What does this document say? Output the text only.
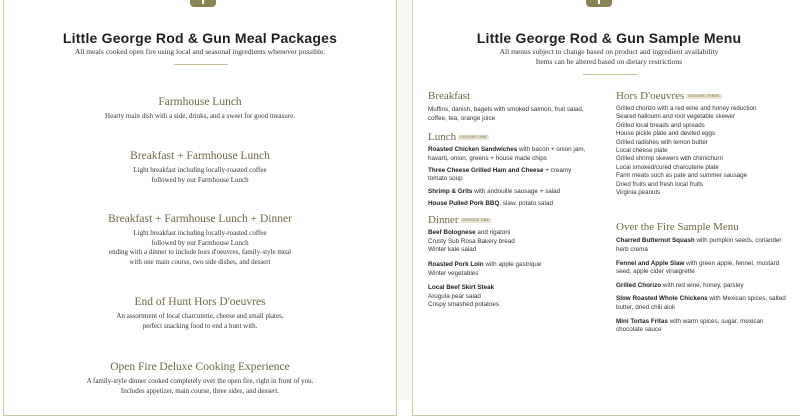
Little George Rod & Gun Meal Packages
All meals cooked open fire using local and seasonal ingredients whenever possible.
Farmhouse Lunch
Hearty main dish with a side, drinks, and a sweet for good measure.
Breakfast + Farmhouse Lunch
Light breakfast including locally-roasted coffee
followed by our Farmhouse Lunch
Breakfast + Farmhouse Lunch + Dinner
Light breakfast including locally-roasted coffee
followed by our Farmhouse Lunch
ending with a dinner to include hors d'oeuvres, family-style meal
with one main course, two side dishes, and dessert
End of Hunt Hors D'oeuvres
An assortment of local charcuterie, cheese and small plates,
perfect snacking food to end a hunt with.
Open Fire Deluxe Cooking Experience
A family-style dinner cooked completely over the open fire, right in front of you.
Includes appetizer, main course, three sides, and dessert.
Little George Rod & Gun Sample Menu
All menus subject to change based on product and ingredient availability
Items can be altered based on dietary restrictions
Breakfast
Muffins, danish, bagels with smoked salmon, fruit salad, coffee, tea, orange juice
Lunch CHOOSE ONE
Roasted Chicken Sandwiches with bacon + onion jam, havarti, onion, greens + house made chips
Three Cheese Grilled Ham and Cheese + creamy tomato soup
Shrimp & Grits with andouille sausage + salad
House Pulled Pork BBQ, slaw, potato salad
Dinner CHOOSE ONE
Beef Bolognese and rigatoni
Crusty Sub Rosa Bakery bread
Winter kale salad
Roasted Pork Loin with apple gastrique
Winter vegetables
Local Beef Skirt Steak
Arugula pear salad
Crispy smashed potatoes
Hors D'oeuvres CHOOSE THREE
Grilled chorizo with a red wine and honey reduction
Seared halloumi and root vegetable skewer
Grilled local breads and spreads
House pickle plate and deviled eggs
Grilled radishes with lemon butter
Local cheese plate
Grilled shrimp skewers with chimichurri
Local smoked/cured charcuterie plate
Farm meats such as pate and summer sausage
Dried fruits and fresh local fruits
Virginia peanuts
Over the Fire Sample Menu
Charred Butternut Squash with pumpkin seeds, coriander herb crema
Fennel and Apple Slaw with green apple, fennel, mustard seed, apple cider vinaigrette
Grilled Chorizo with red wine, honey, parsley
Slow Roasted Whole Chickens with Mexican spices, salted butter, dried chili aioli
Mini Tortas Fritas with warm spices, sugar, mexican chocolate sauce
